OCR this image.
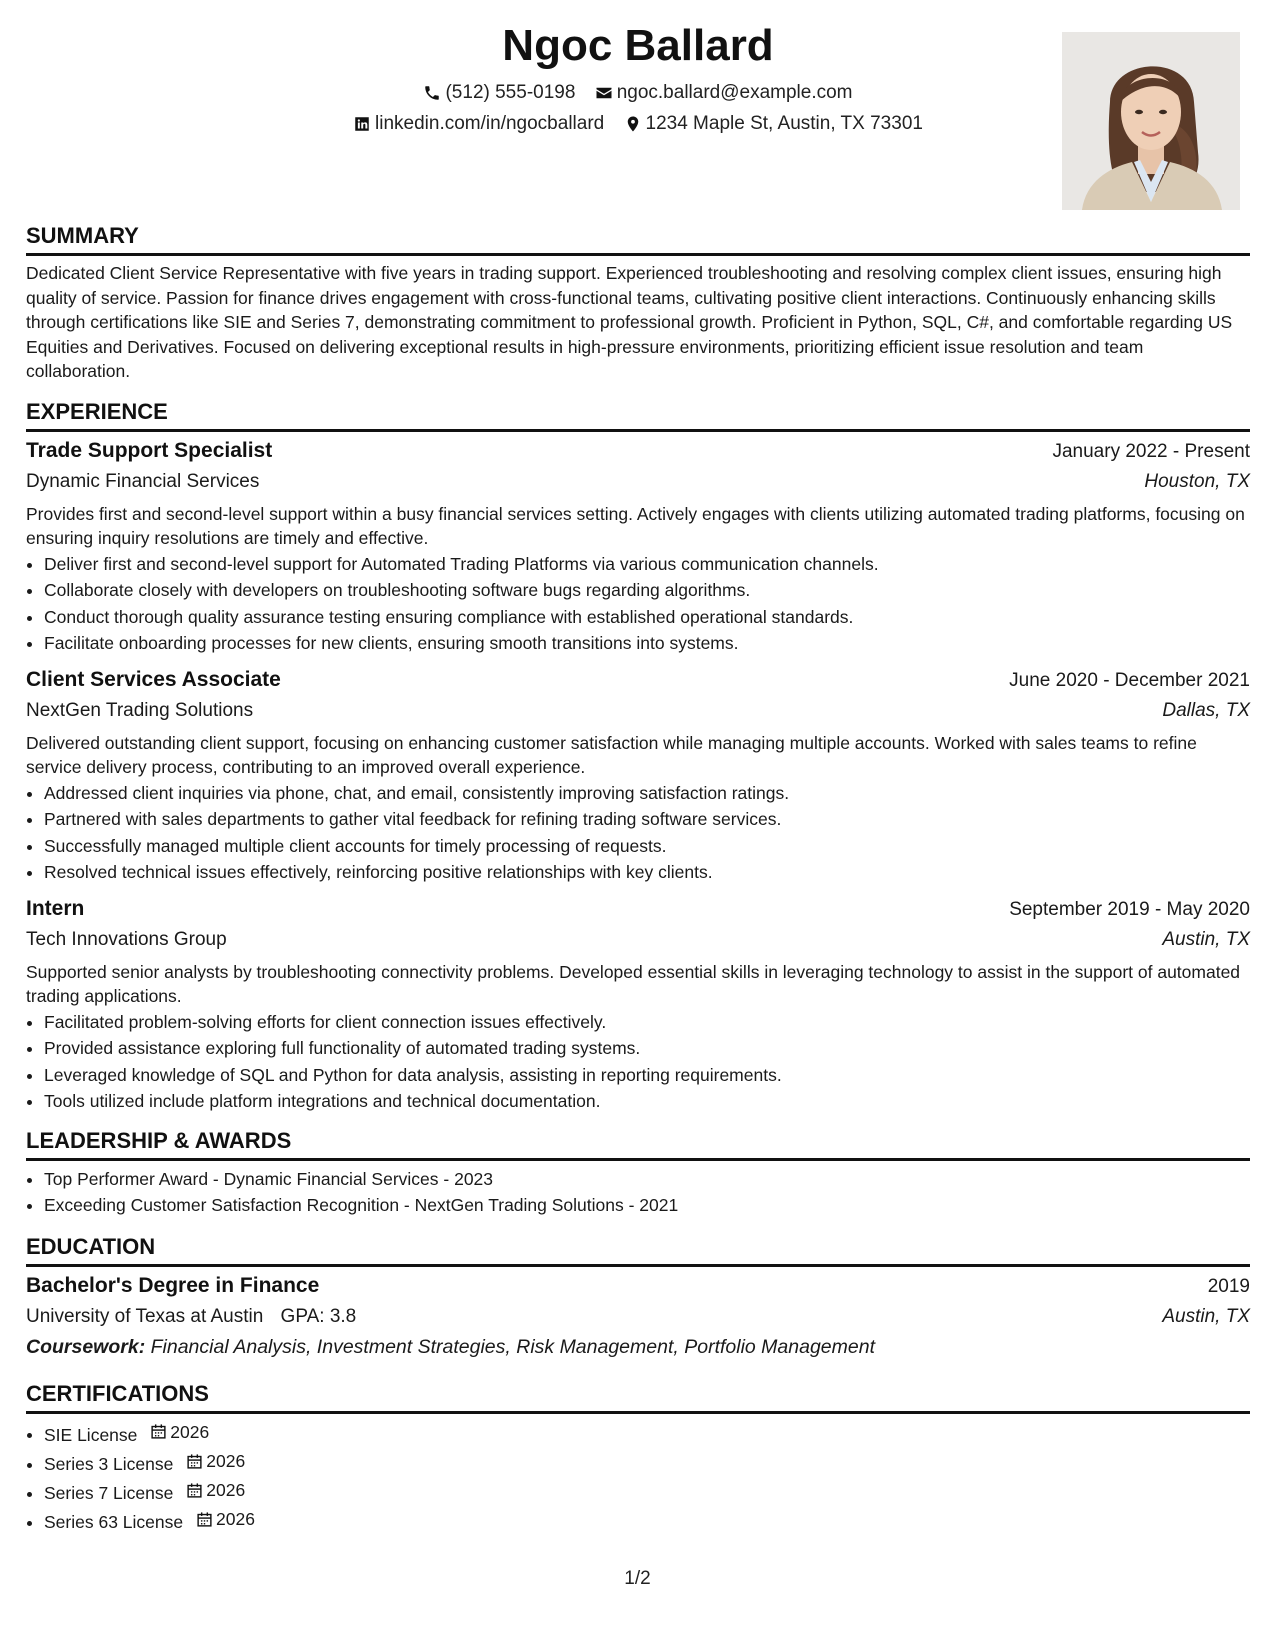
Ngoc Ballard
(512) 555-0198
ngoc.ballard@example.com
linkedin.com/in/ngocballard
1234 Maple St, Austin, TX 73301
SUMMARY

Dedicated Client Service Representative with five years in trading support. Experienced troubleshooting and resolving complex client issues, ensuring high quality of service. Passion for finance drives engagement with cross-functional teams, cultivating positive client interactions. Continuously enhancing skills through certifications like SIE and Series 7, demonstrating commitment to professional growth. Proficient in Python, SQL, C#, and comfortable regarding US Equities and Derivatives. Focused on delivering exceptional results in high-pressure environments, prioritizing efficient issue resolution and team collaboration.

EXPERIENCE
Trade Support Specialist	January 2022 - Present
Dynamic Financial Services	Houston, TX

Provides first and second-level support within a busy financial services setting. Actively engages with clients utilizing automated trading platforms, focusing on ensuring inquiry resolutions are timely and effective.

• Deliver first and second-level support for Automated Trading Platforms via various communication channels.
• Collaborate closely with developers on troubleshooting software bugs regarding algorithms.
• Conduct thorough quality assurance testing ensuring compliance with established operational standards.
• Facilitate onboarding processes for new clients, ensuring smooth transitions into systems.
Client Services Associate	June 2020 - December 2021
NextGen Trading Solutions	Dallas, TX

Delivered outstanding client support, focusing on enhancing customer satisfaction while managing multiple accounts. Worked with sales teams to refine service delivery process, contributing to an improved overall experience.

• Addressed client inquiries via phone, chat, and email, consistently improving satisfaction ratings.
• Partnered with sales departments to gather vital feedback for refining trading software services.
• Successfully managed multiple client accounts for timely processing of requests.
• Resolved technical issues effectively, reinforcing positive relationships with key clients.
Intern	September 2019 - May 2020
Tech Innovations Group	Austin, TX

Supported senior analysts by troubleshooting connectivity problems. Developed essential skills in leveraging technology to assist in the support of automated trading applications.

• Facilitated problem-solving efforts for client connection issues effectively.
• Provided assistance exploring full functionality of automated trading systems.
• Leveraged knowledge of SQL and Python for data analysis, assisting in reporting requirements.
• Tools utilized include platform integrations and technical documentation.
LEADERSHIP & AWARDS
• Top Performer Award - Dynamic Financial Services - 2023
• Exceeding Customer Satisfaction Recognition - NextGen Trading Solutions - 2021
EDUCATION
Bachelor's Degree in Finance	2019
University of Texas at Austin GPA: 3.8	Austin, TX
Coursework: Financial Analysis, Investment Strategies, Risk Management, Portfolio Management
CERTIFICATIONS
• SIE License 2026
• Series 3 License 2026
• Series 7 License 2026
• Series 63 License 2026
1/2
